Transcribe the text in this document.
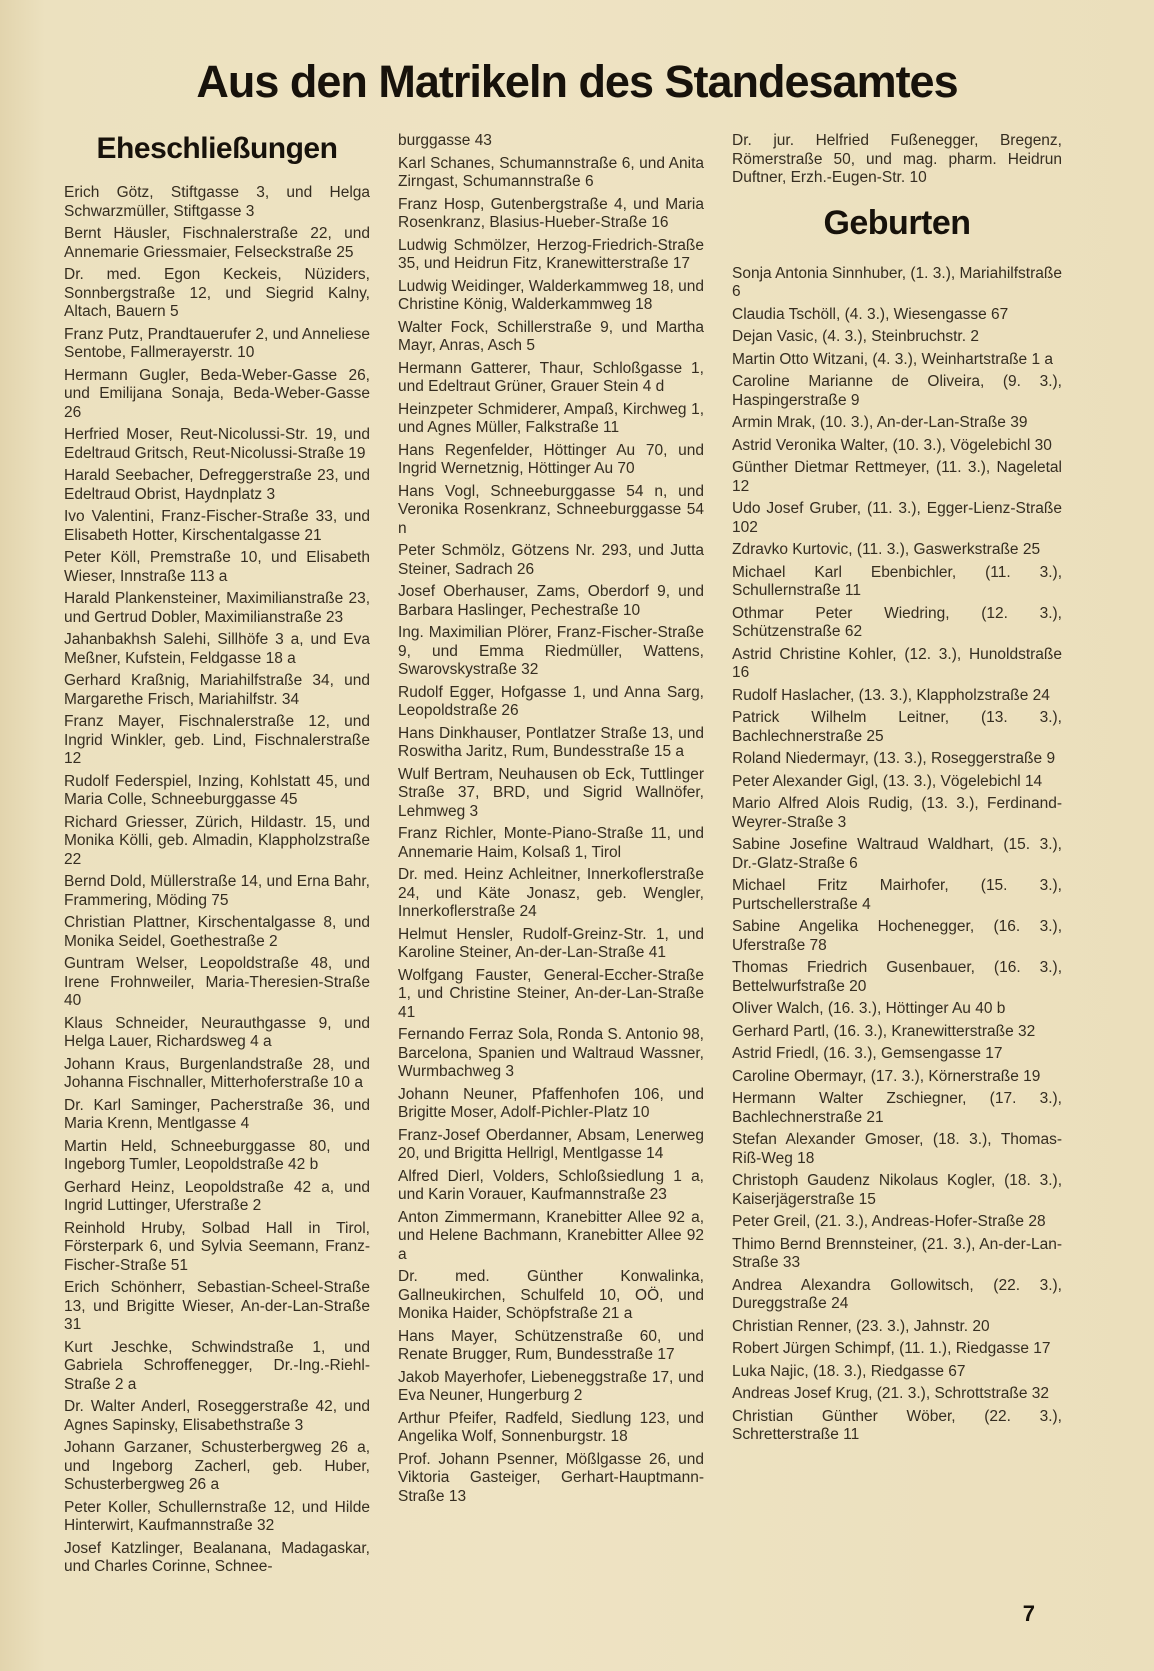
Aus den Matrikeln des Standesamtes
Eheschließungen

Erich Götz, Stiftgasse 3, und Helga Schwarzmüller, Stiftgasse 3

Bernt Häusler, Fischnalerstraße 22, und Annemarie Griessmaier, Felseckstraße 25

Dr. med. Egon Keckeis, Nüziders, Sonnbergstraße 12, und Siegrid Kalny, Altach, Bauern 5

Franz Putz, Prandtauerufer 2, und Anneliese Sentobe, Fallmerayerstr. 10

Hermann Gugler, Beda-Weber-Gasse 26, und Emilijana Sonaja, Beda-Weber-Gasse 26

Herfried Moser, Reut-Nicolussi-Str. 19, und Edeltraud Gritsch, Reut-Nicolussi-Straße 19

Harald Seebacher, Defreggerstraße 23, und Edeltraud Obrist, Haydnplatz 3

Ivo Valentini, Franz-Fischer-Straße 33, und Elisabeth Hotter, Kirschentalgasse 21

Peter Köll, Premstraße 10, und Elisabeth Wieser, Innstraße 113 a

Harald Plankensteiner, Maximilianstraße 23, und Gertrud Dobler, Maximilianstraße 23

Jahanbakhsh Salehi, Sillhöfe 3 a, und Eva Meßner, Kufstein, Feldgasse 18 a

Gerhard Kraßnig, Mariahilfstraße 34, und Margarethe Frisch, Mariahilfstr. 34

Franz Mayer, Fischnalerstraße 12, und Ingrid Winkler, geb. Lind, Fischnalerstraße 12

Rudolf Federspiel, Inzing, Kohlstatt 45, und Maria Colle, Schneeburggasse 45

Richard Griesser, Zürich, Hildastr. 15, und Monika Kölli, geb. Almadin, Klappholzstraße 22

Bernd Dold, Müllerstraße 14, und Erna Bahr, Frammering, Möding 75

Christian Plattner, Kirschentalgasse 8, und Monika Seidel, Goethestraße 2

Guntram Welser, Leopoldstraße 48, und Irene Frohnweiler, Maria-Theresien-Straße 40

Klaus Schneider, Neurauthgasse 9, und Helga Lauer, Richardsweg 4 a

Johann Kraus, Burgenlandstraße 28, und Johanna Fischnaller, Mitterhoferstraße 10 a

Dr. Karl Saminger, Pacherstraße 36, und Maria Krenn, Mentlgasse 4

Martin Held, Schneeburggasse 80, und Ingeborg Tumler, Leopoldstraße 42 b

Gerhard Heinz, Leopoldstraße 42 a, und Ingrid Luttinger, Uferstraße 2

Reinhold Hruby, Solbad Hall in Tirol, Försterpark 6, und Sylvia Seemann, Franz-Fischer-Straße 51

Erich Schönherr, Sebastian-Scheel-Straße 13, und Brigitte Wieser, An-der-Lan-Straße 31

Kurt Jeschke, Schwindstraße 1, und Gabriela Schroffenegger, Dr.-Ing.-Riehl-Straße 2 a

Dr. Walter Anderl, Roseggerstraße 42, und Agnes Sapinsky, Elisabethstraße 3

Johann Garzaner, Schusterbergweg 26 a, und Ingeborg Zacherl, geb. Huber, Schusterbergweg 26 a

Peter Koller, Schullernstraße 12, und Hilde Hinterwirt, Kaufmannstraße 32

Josef Katzlinger, Bealanana, Madagaskar, und Charles Corinne, Schnee-

burggasse 43

Karl Schanes, Schumannstraße 6, und Anita Zirngast, Schumannstraße 6

Franz Hosp, Gutenbergstraße 4, und Maria Rosenkranz, Blasius-Hueber-Straße 16

Ludwig Schmölzer, Herzog-Friedrich-Straße 35, und Heidrun Fitz, Kranewitterstraße 17

Ludwig Weidinger, Walderkammweg 18, und Christine König, Walderkammweg 18

Walter Fock, Schillerstraße 9, und Martha Mayr, Anras, Asch 5

Hermann Gatterer, Thaur, Schloßgasse 1, und Edeltraut Grüner, Grauer Stein 4 d

Heinzpeter Schmiderer, Ampaß, Kirchweg 1, und Agnes Müller, Falkstraße 11

Hans Regenfelder, Höttinger Au 70, und Ingrid Wernetznig, Höttinger Au 70

Hans Vogl, Schneeburggasse 54 n, und Veronika Rosenkranz, Schneeburggasse 54 n

Peter Schmölz, Götzens Nr. 293, und Jutta Steiner, Sadrach 26

Josef Oberhauser, Zams, Oberdorf 9, und Barbara Haslinger, Pechestraße 10

Ing. Maximilian Plörer, Franz-Fischer-Straße 9, und Emma Riedmüller, Wattens, Swarovskystraße 32

Rudolf Egger, Hofgasse 1, und Anna Sarg, Leopoldstraße 26

Hans Dinkhauser, Pontlatzer Straße 13, und Roswitha Jaritz, Rum, Bundesstraße 15 a

Wulf Bertram, Neuhausen ob Eck, Tuttlinger Straße 37, BRD, und Sigrid Wallnöfer, Lehmweg 3

Franz Richler, Monte-Piano-Straße 11, und Annemarie Haim, Kolsaß 1, Tirol

Dr. med. Heinz Achleitner, Innerkoflerstraße 24, und Käte Jonasz, geb. Wengler, Innerkoflerstraße 24

Helmut Hensler, Rudolf-Greinz-Str. 1, und Karoline Steiner, An-der-Lan-Straße 41

Wolfgang Fauster, General-Eccher-Straße 1, und Christine Steiner, An-der-Lan-Straße 41

Fernando Ferraz Sola, Ronda S. Antonio 98, Barcelona, Spanien und Waltraud Wassner, Wurmbachweg 3

Johann Neuner, Pfaffenhofen 106, und Brigitte Moser, Adolf-Pichler-Platz 10

Franz-Josef Oberdanner, Absam, Lenerweg 20, und Brigitta Hellrigl, Mentlgasse 14

Alfred Dierl, Volders, Schloßsiedlung 1 a, und Karin Vorauer, Kaufmannstraße 23

Anton Zimmermann, Kranebitter Allee 92 a, und Helene Bachmann, Kranebitter Allee 92 a

Dr. med. Günther Konwalinka, Gallneukirchen, Schulfeld 10, OÖ, und Monika Haider, Schöpfstraße 21 a

Hans Mayer, Schützenstraße 60, und Renate Brugger, Rum, Bundesstraße 17

Jakob Mayerhofer, Liebeneggstraße 17, und Eva Neuner, Hungerburg 2

Arthur Pfeifer, Radfeld, Siedlung 123, und Angelika Wolf, Sonnenburgstr. 18

Prof. Johann Psenner, Mößlgasse 26, und Viktoria Gasteiger, Gerhart-Hauptmann-Straße 13

Dr. jur. Helfried Fußenegger, Bregenz, Römerstraße 50, und mag. pharm. Heidrun Duftner, Erzh.-Eugen-Str. 10

Geburten

Sonja Antonia Sinnhuber, (1. 3.), Mariahilfstraße 6

Claudia Tschöll, (4. 3.), Wiesengasse 67

Dejan Vasic, (4. 3.), Steinbruchstr. 2

Martin Otto Witzani, (4. 3.), Weinhartstraße 1 a

Caroline Marianne de Oliveira, (9. 3.), Haspingerstraße 9

Armin Mrak, (10. 3.), An-der-Lan-Straße 39

Astrid Veronika Walter, (10. 3.), Vögelebichl 30

Günther Dietmar Rettmeyer, (11. 3.), Nageletal 12

Udo Josef Gruber, (11. 3.), Egger-Lienz-Straße 102

Zdravko Kurtovic, (11. 3.), Gaswerkstraße 25

Michael Karl Ebenbichler, (11. 3.), Schullernstraße 11

Othmar Peter Wiedring, (12. 3.), Schützenstraße 62

Astrid Christine Kohler, (12. 3.), Hunoldstraße 16

Rudolf Haslacher, (13. 3.), Klappholzstraße 24

Patrick Wilhelm Leitner, (13. 3.), Bachlechnerstraße 25

Roland Niedermayr, (13. 3.), Roseggerstraße 9

Peter Alexander Gigl, (13. 3.), Vögelebichl 14

Mario Alfred Alois Rudig, (13. 3.), Ferdinand-Weyrer-Straße 3

Sabine Josefine Waltraud Waldhart, (15. 3.), Dr.-Glatz-Straße 6

Michael Fritz Mairhofer, (15. 3.), Purtschellerstraße 4

Sabine Angelika Hochenegger, (16. 3.), Uferstraße 78

Thomas Friedrich Gusenbauer, (16. 3.), Bettelwurfstraße 20

Oliver Walch, (16. 3.), Höttinger Au 40 b

Gerhard Partl, (16. 3.), Kranewitterstraße 32

Astrid Friedl, (16. 3.), Gemsengasse 17

Caroline Obermayr, (17. 3.), Körnerstraße 19

Hermann Walter Zschiegner, (17. 3.), Bachlechnerstraße 21

Stefan Alexander Gmoser, (18. 3.), Thomas-Riß-Weg 18

Christoph Gaudenz Nikolaus Kogler, (18. 3.), Kaiserjägerstraße 15

Peter Greil, (21. 3.), Andreas-Hofer-Straße 28

Thimo Bernd Brennsteiner, (21. 3.), An-der-Lan-Straße 33

Andrea Alexandra Gollowitsch, (22. 3.), Dureggstraße 24

Christian Renner, (23. 3.), Jahnstr. 20

Robert Jürgen Schimpf, (11. 1.), Riedgasse 17

Luka Najic, (18. 3.), Riedgasse 67

Andreas Josef Krug, (21. 3.), Schrottstraße 32

Christian Günther Wöber, (22. 3.), Schretterstraße 11

7
